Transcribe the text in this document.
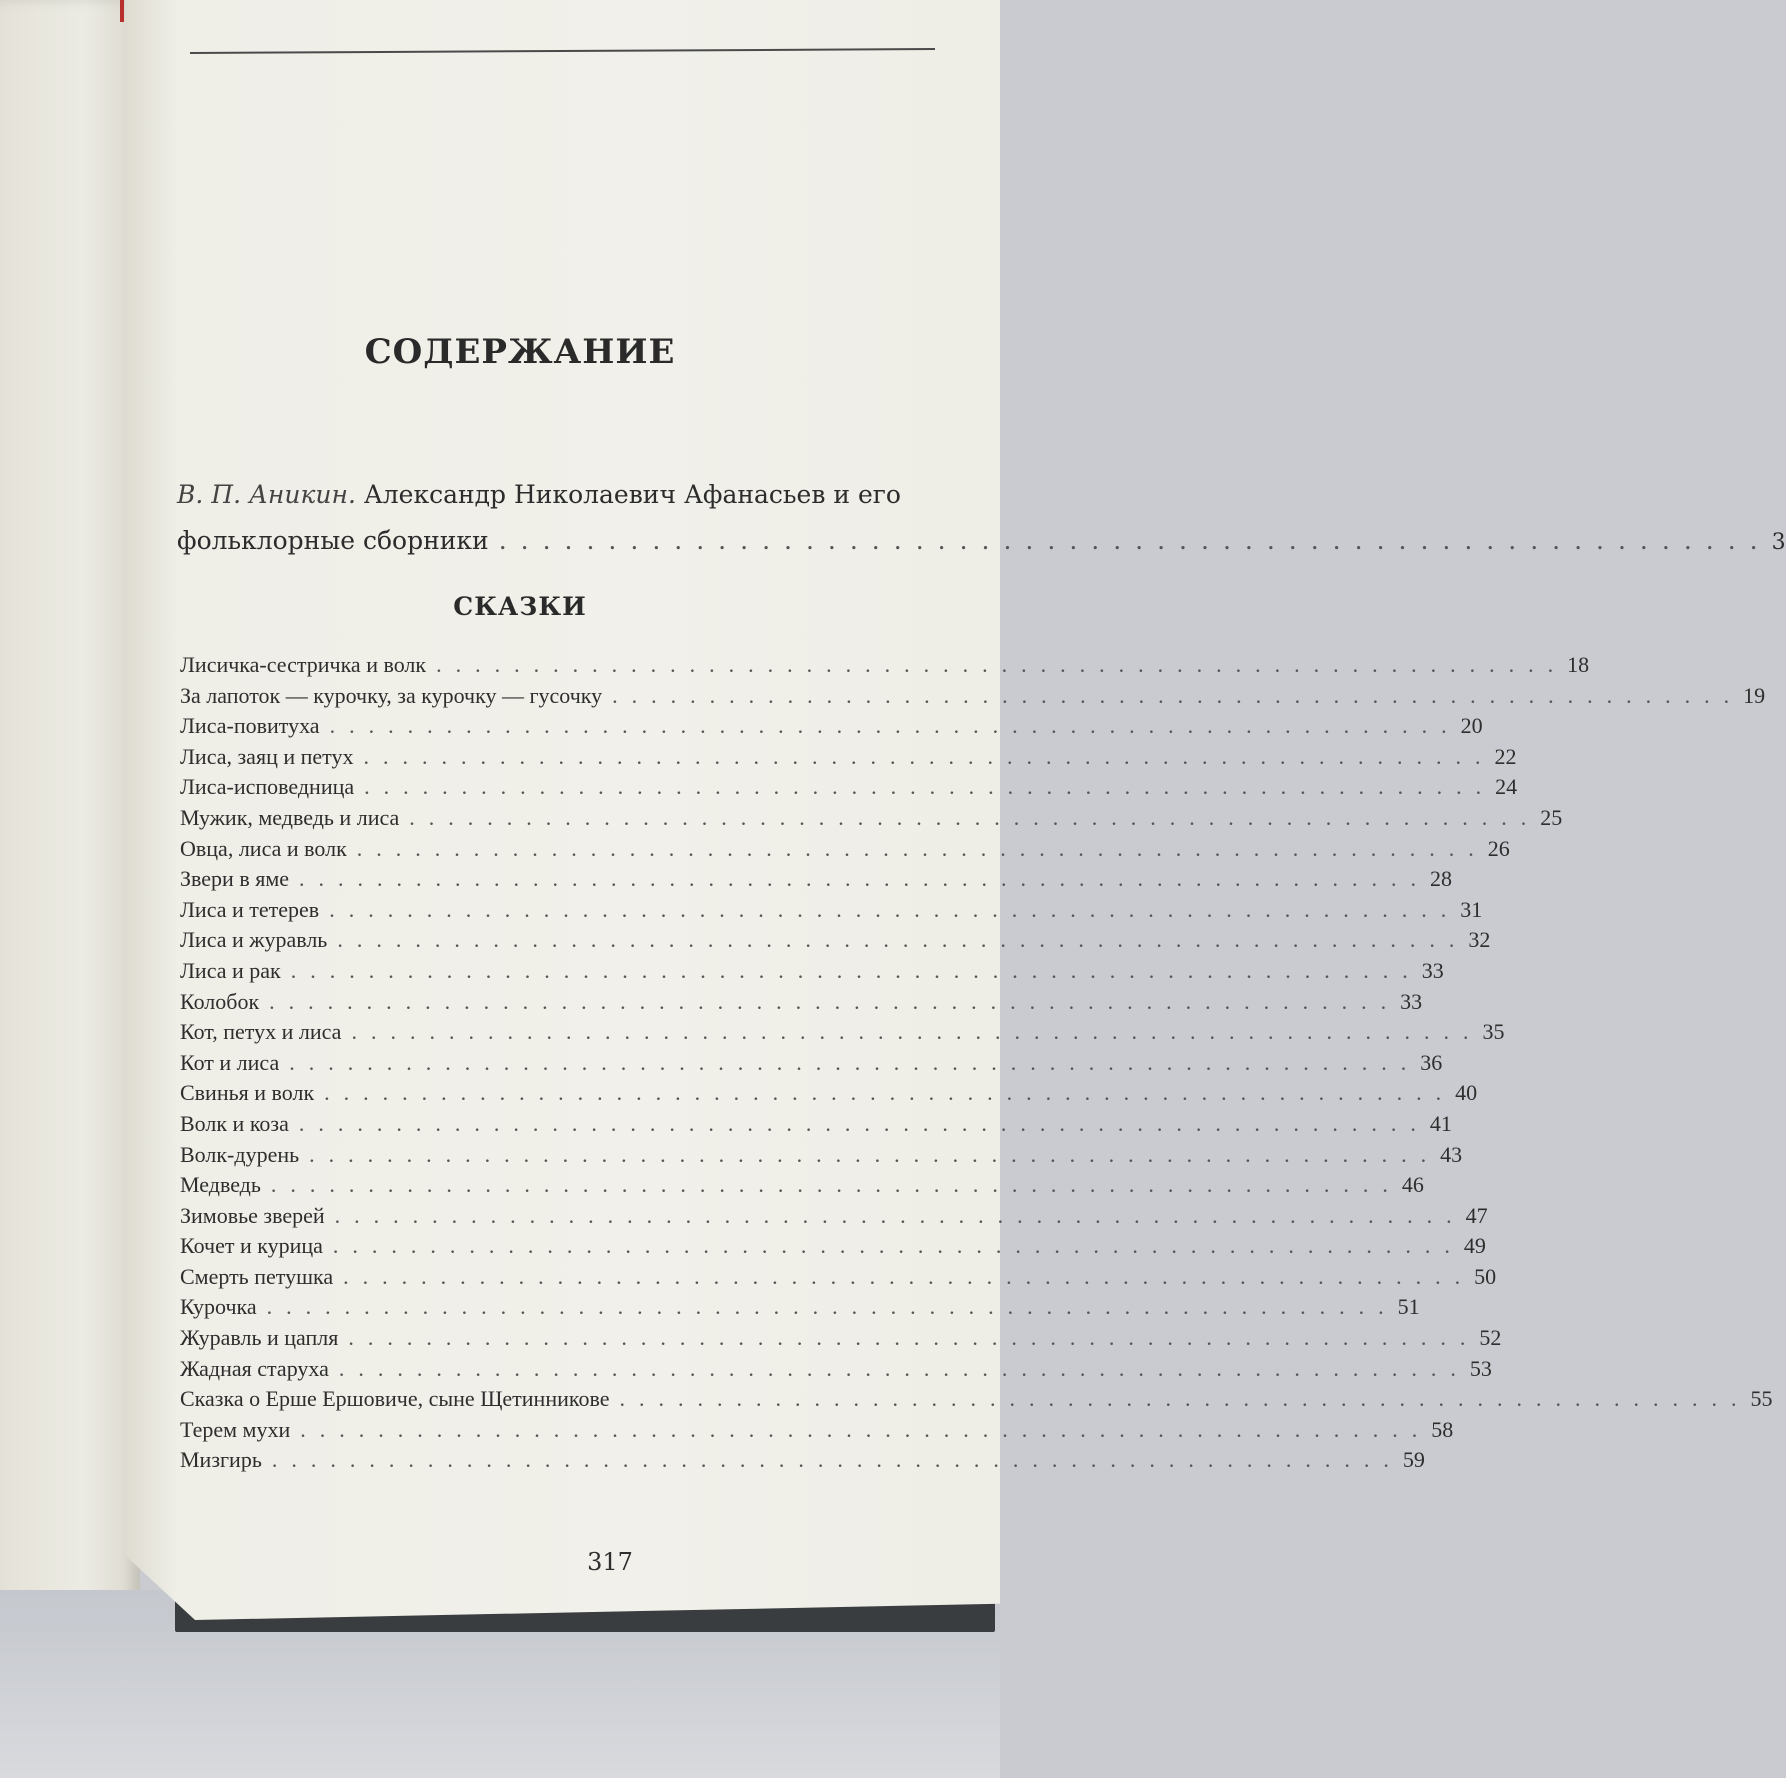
СОДЕРЖАНИЕ
В. П. Аникин. Александр Николаевич Афанасьев и его
фольклорные сборники .......................................................... 3
СКАЗКИ
Лисичка-сестричка и волк .......................................................... 18
За лапоток — курочку, за курочку — гусочку .......................................................... 19
Лиса-повитуха .......................................................... 20
Лиса, заяц и петух .......................................................... 22
Лиса-исповедница .......................................................... 24
Мужик, медведь и лиса .......................................................... 25
Овца, лиса и волк .......................................................... 26
Звери в яме .......................................................... 28
Лиса и тетерев .......................................................... 31
Лиса и журавль .......................................................... 32
Лиса и рак .......................................................... 33
Колобок .......................................................... 33
Кот, петух и лиса .......................................................... 35
Кот и лиса .......................................................... 36
Свинья и волк .......................................................... 40
Волк и коза .......................................................... 41
Волк-дурень .......................................................... 43
Медведь .......................................................... 46
Зимовье зверей .......................................................... 47
Кочет и курица .......................................................... 49
Смерть петушка .......................................................... 50
Курочка .......................................................... 51
Журавль и цапля .......................................................... 52
Жадная старуха .......................................................... 53
Сказка о Ерше Ершовиче, сыне Щетинникове .......................................................... 55
Терем мухи .......................................................... 58
Мизгирь .......................................................... 59
317
